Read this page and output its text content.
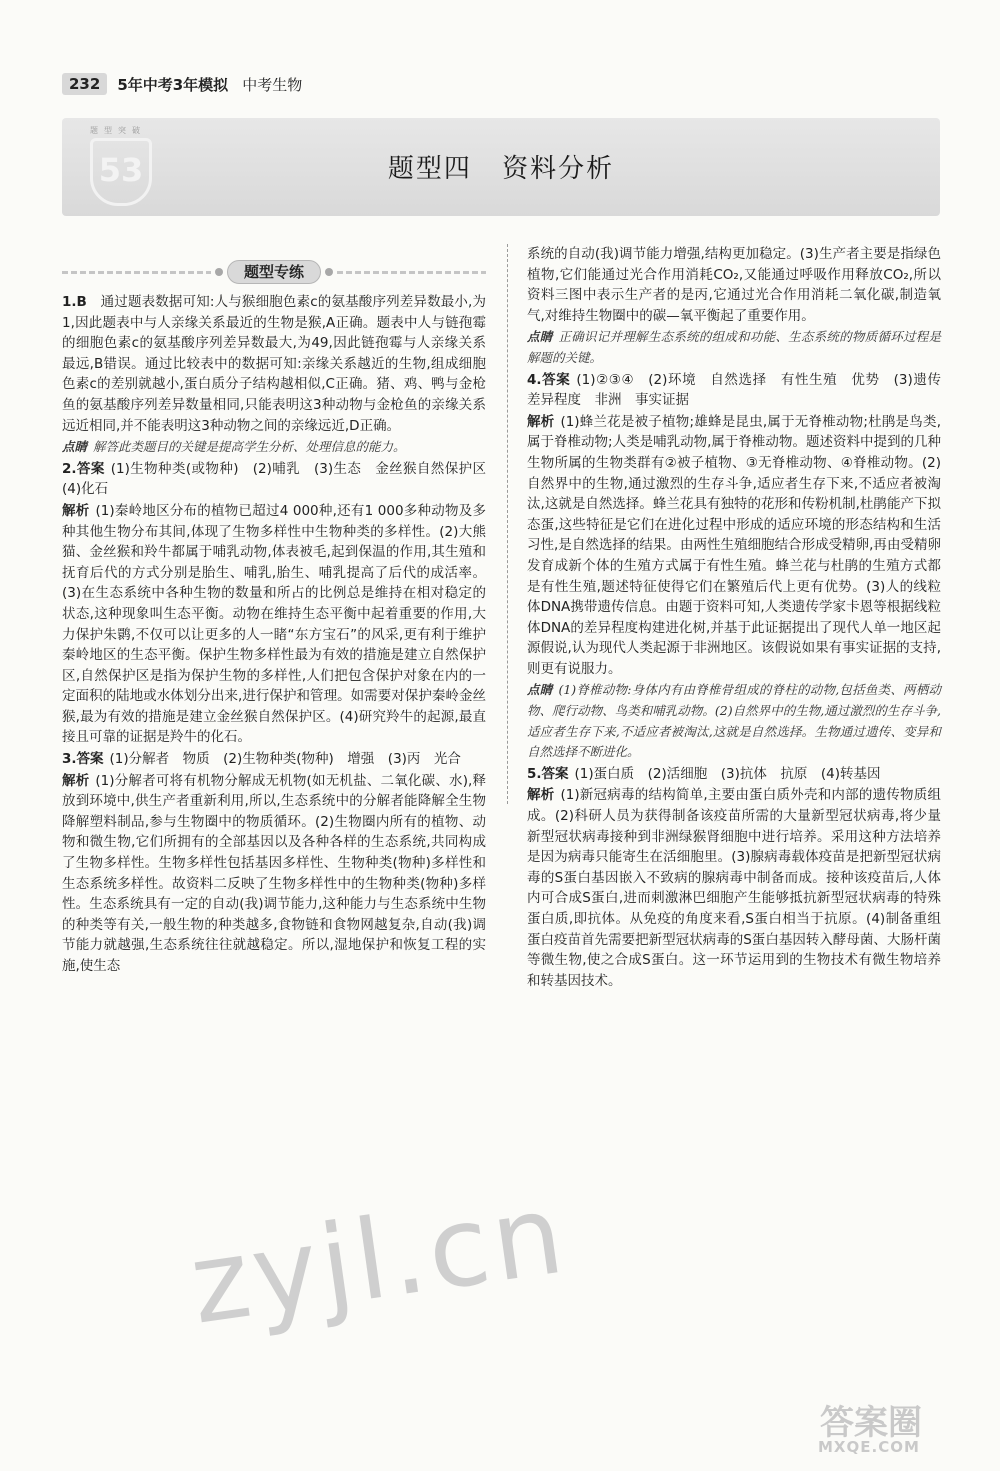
232	5年中考3年模拟 中考生物
题型突破
53	题型四 资料分析
题型专练

1.B　 通过题表数据可知:人与猴细胞色素c的氨基酸序列差异数最小,为1,因此题表中与人亲缘关系最近的生物是猴,A正确。题表中人与链孢霉的细胞色素c的氨基酸序列差异数最大,为49,因此链孢霉与人亲缘关系最远,B错误。通过比较表中的数据可知:亲缘关系越近的生物,组成细胞色素c的差别就越小,蛋白质分子结构越相似,C正确。猪、鸡、鸭与金枪鱼的氨基酸序列差异数量相同,只能表明这3种动物与金枪鱼的亲缘关系远近相同,并不能表明这3种动物之间的亲缘远近,D正确。

点睛 解答此类题目的关键是提高学生分析、处理信息的能力。

2.答案 (1)生物种类(或物种)　(2)哺乳　(3)生态　金丝猴自然保护区　(4)化石

解析 (1)秦岭地区分布的植物已超过4 000种,还有1 000多种动物及多种其他生物分布其间,体现了生物多样性中生物种类的多样性。(2)大熊猫、金丝猴和羚牛都属于哺乳动物,体表被毛,起到保温的作用,其生殖和抚育后代的方式分别是胎生、哺乳,胎生、哺乳提高了后代的成活率。(3)在生态系统中各种生物的数量和所占的比例总是维持在相对稳定的状态,这种现象叫生态平衡。动物在维持生态平衡中起着重要的作用,大力保护朱鹮,不仅可以让更多的人一睹“东方宝石”的风采,更有利于维护秦岭地区的生态平衡。保护生物多样性最为有效的措施是建立自然保护区,自然保护区是指为保护生物的多样性,人们把包含保护对象在内的一定面积的陆地或水体划分出来,进行保护和管理。如需要对保护秦岭金丝猴,最为有效的措施是建立金丝猴自然保护区。(4)研究羚牛的起源,最直接且可靠的证据是羚牛的化石。

3.答案 (1)分解者　物质　(2)生物种类(物种)　增强　(3)丙　光合

解析 (1)分解者可将有机物分解成无机物(如无机盐、二氧化碳、水),释放到环境中,供生产者重新利用,所以,生态系统中的分解者能降解全生物降解塑料制品,参与生物圈中的物质循环。(2)生物圈内所有的植物、动物和微生物,它们所拥有的全部基因以及各种各样的生态系统,共同构成了生物多样性。生物多样性包括基因多样性、生物种类(物种)多样性和生态系统多样性。故资料二反映了生物多样性中的生物种类(物种)多样性。生态系统具有一定的自动(我)调节能力,这种能力与生态系统中生物的种类等有关,一般生物的种类越多,食物链和食物网越复杂,自动(我)调节能力就越强,生态系统往往就越稳定。所以,湿地保护和恢复工程的实施,使生态

系统的自动(我)调节能力增强,结构更加稳定。(3)生产者主要是指绿色植物,它们能通过光合作用消耗CO₂,又能通过呼吸作用释放CO₂,所以资料三图中表示生产者的是丙,它通过光合作用消耗二氧化碳,制造氧气,对维持生物圈中的碳—氧平衡起了重要作用。

点睛 正确识记并理解生态系统的组成和功能、生态系统的物质循环过程是解题的关键。

4.答案 (1)②③④　(2)环境　自然选择　有性生殖　优势　(3)遗传　差异程度　非洲　事实证据

解析 (1)蜂兰花是被子植物;雄蜂是昆虫,属于无脊椎动物;杜鹃是鸟类,属于脊椎动物;人类是哺乳动物,属于脊椎动物。题述资料中提到的几种生物所属的生物类群有②被子植物、③无脊椎动物、④脊椎动物。(2)自然界中的生物,通过激烈的生存斗争,适应者生存下来,不适应者被淘汰,这就是自然选择。蜂兰花具有独特的花形和传粉机制,杜鹃能产下拟态蛋,这些特征是它们在进化过程中形成的适应环境的形态结构和生活习性,是自然选择的结果。由两性生殖细胞结合形成受精卵,再由受精卵发育成新个体的生殖方式属于有性生殖。蜂兰花与杜鹃的生殖方式都是有性生殖,题述特征使得它们在繁殖后代上更有优势。(3)人的线粒体DNA携带遗传信息。由题于资料可知,人类遗传学家卡恩等根据线粒体DNA的差异程度构建进化树,并基于此证据提出了现代人单一地区起源假说,认为现代人类起源于非洲地区。该假说如果有事实证据的支持,则更有说服力。

点睛 (1)脊椎动物:身体内有由脊椎骨组成的脊柱的动物,包括鱼类、两栖动物、爬行动物、鸟类和哺乳动物。(2)自然界中的生物,通过激烈的生存斗争,适应者生存下来,不适应者被淘汰,这就是自然选择。生物通过遗传、变异和自然选择不断进化。

5.答案 (1)蛋白质　(2)活细胞　(3)抗体　抗原　(4)转基因

解析 (1)新冠病毒的结构简单,主要由蛋白质外壳和内部的遗传物质组成。(2)科研人员为获得制备该疫苗所需的大量新型冠状病毒,将少量新型冠状病毒接种到非洲绿猴肾细胞中进行培养。采用这种方法培养是因为病毒只能寄生在活细胞里。(3)腺病毒载体疫苗是把新型冠状病毒的S蛋白基因嵌入不致病的腺病毒中制备而成。接种该疫苗后,人体内可合成S蛋白,进而刺激淋巴细胞产生能够抵抗新型冠状病毒的特殊蛋白质,即抗体。从免疫的角度来看,S蛋白相当于抗原。(4)制备重组蛋白疫苗首先需要把新型冠状病毒的S蛋白基因转入酵母菌、大肠杆菌等微生物,使之合成S蛋白。这一环节运用到的生物技术有微生物培养和转基因技术。

zyjl.cn
答案圈
MXQE.COM
